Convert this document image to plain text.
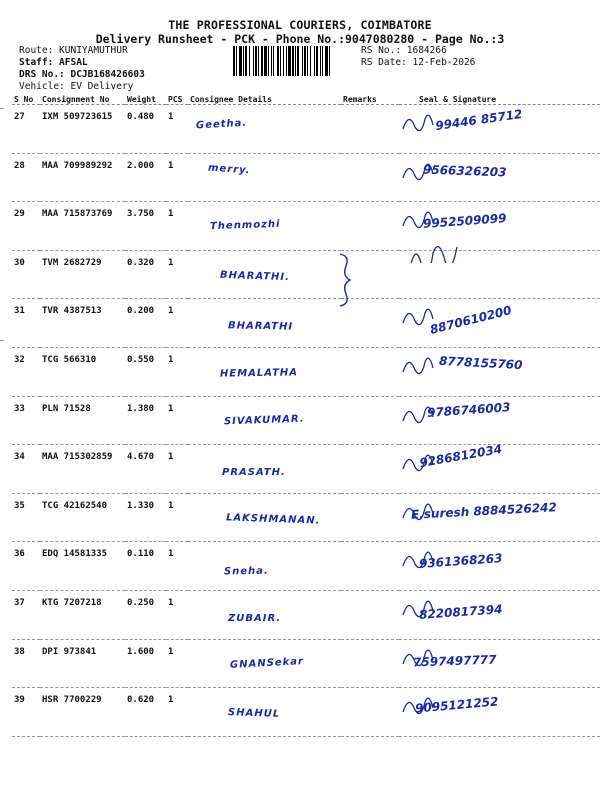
THE PROFESSIONAL COURIERS, COIMBATORE
Delivery Runsheet - PCK - Phone No.:9047080280 - Page No.:3
Route: KUNIYAMUTHUR
Staff: AFSAL
DRS No.: DCJB168426603
Vehicle: EV Delivery
RS No.: 1684266
RS Date: 12-Feb-2026
S No	Consignment No	Weight	PCS	Consignee Details	Remarks	Seal & Signature
27	IXM 509723615	0.480	1	Geetha.		99446 85712

28	MAA 709989292	2.000	1	merry.		9566326203

29	MAA 715873769	3.750	1	Thenmozhi		9952509099

30	TVM 2682729	0.320	1	BHARATHI.

31	TVR 4387513	0.200	1	BHARATHI		8870610200

32	TCG 566310	0.550	1	HEMALATHA		8778155760

33	PLN 71528	1.380	1	SIVAKUMAR.		9786746003

34	MAA 715302859	4.670	1	PRASATH.		9286812034

35	TCG 42162540	1.330	1	LAKSHMANAN.		E.suresh 8884526242

36	EDQ 14581335	0.110	1	Sneha.		9361368263

37	KTG 7207218	0.250	1	ZUBAIR.		8220817394

38	DPI 973841	1.600	1	GNANSekar		7597497777

39	HSR 7700229	0.620	1	SHAHUL		9095121252
